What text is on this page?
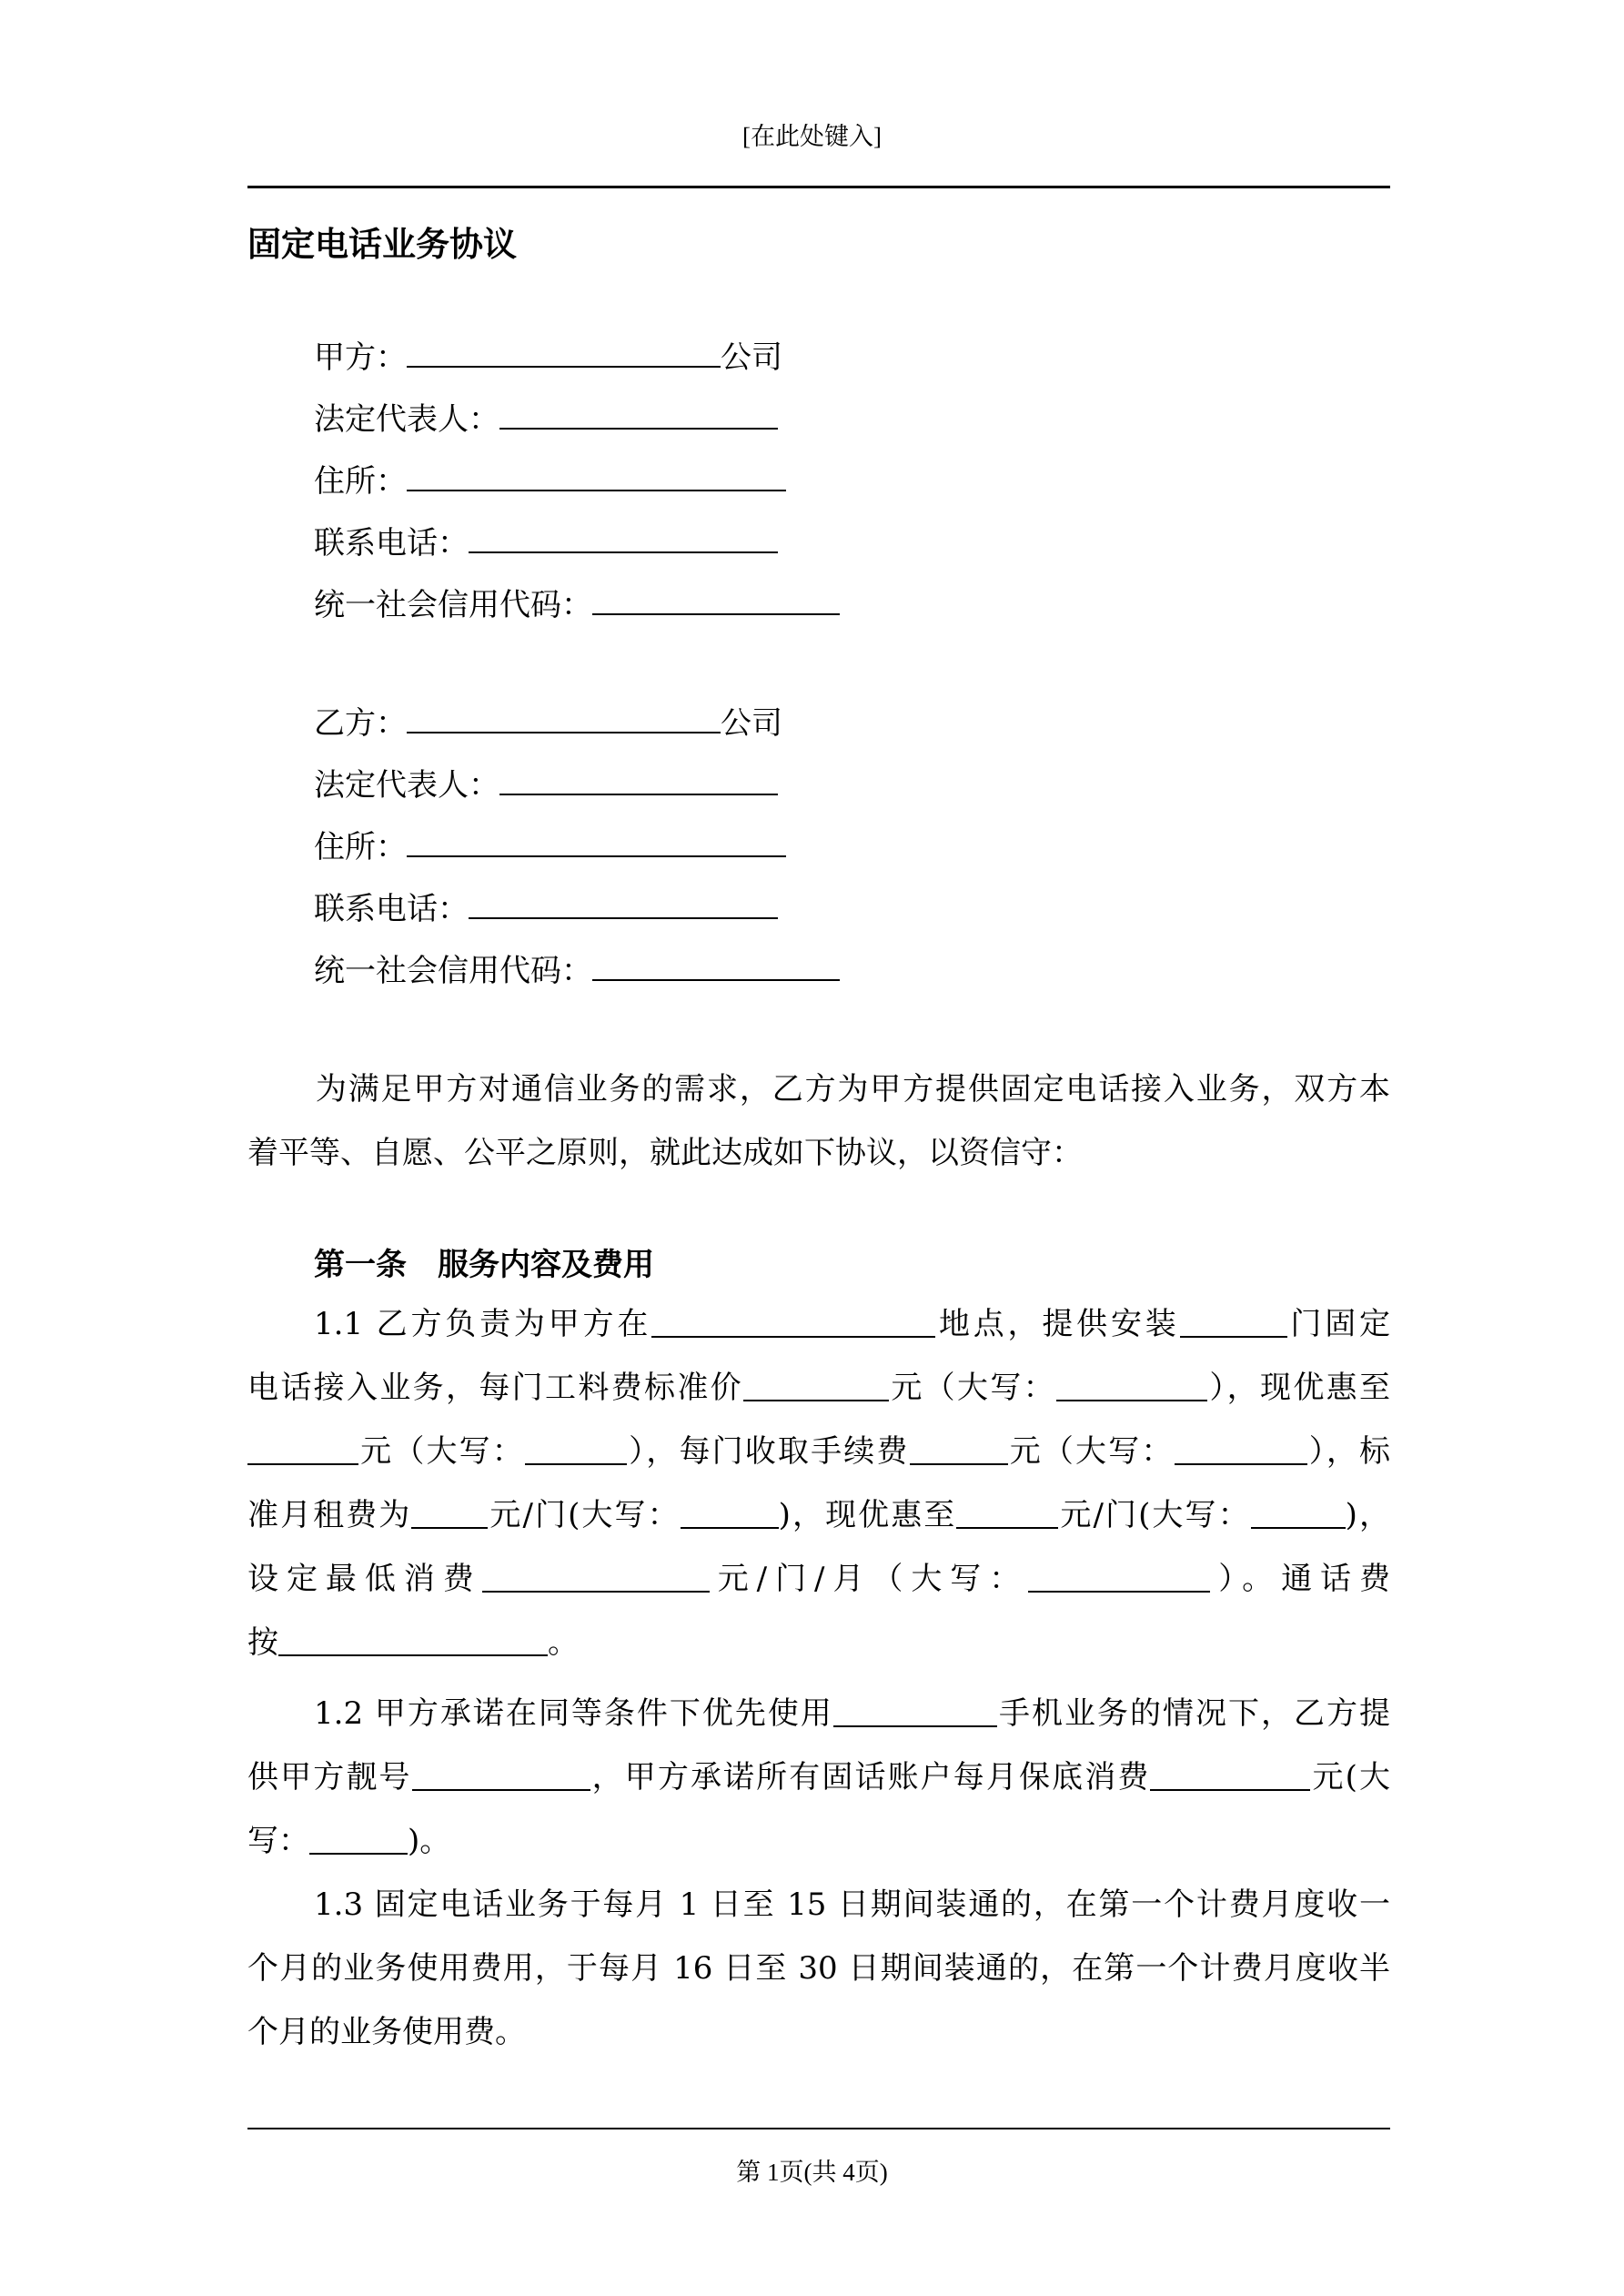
[在此处键入]
固定电话业务协议
甲方：	公司
法定代表人：
住所：
联系电话：
统一社会信用代码：
乙方：	公司
法定代表人：
住所：
联系电话：
统一社会信用代码：
为满足甲方对通信业务的需求，乙方为甲方提供固定电话接入业务，双方本
着平等、自愿、公平之原则，就此达成如下协议，以资信守：
第一条 服务内容及费用
1.1 乙方负责为甲方在	地点，提供安装	门固定
电话接入业务，每门工料费标准价	元（大写：	），现优惠至
元（大写：	），每门收取手续费	元（大写：	），标
准月租费为 元/门(大写：	)，现优惠至	元/门(大写：	)，
设定最低消费	元/门/月（大写：	）。通话费
按	。
1.2 甲方承诺在同等条件下优先使用	手机业务的情况下，乙方提
供甲方靓号	，甲方承诺所有固话账户每月保底消费	元(大
写：	)。
1.3 固定电话业务于每月 1 日至 15 日期间装通的，在第一个计费月度收一
个月的业务使用费用，于每月 16 日至 30 日期间装通的，在第一个计费月度收半
个月的业务使用费。
第 1页(共 4页)
